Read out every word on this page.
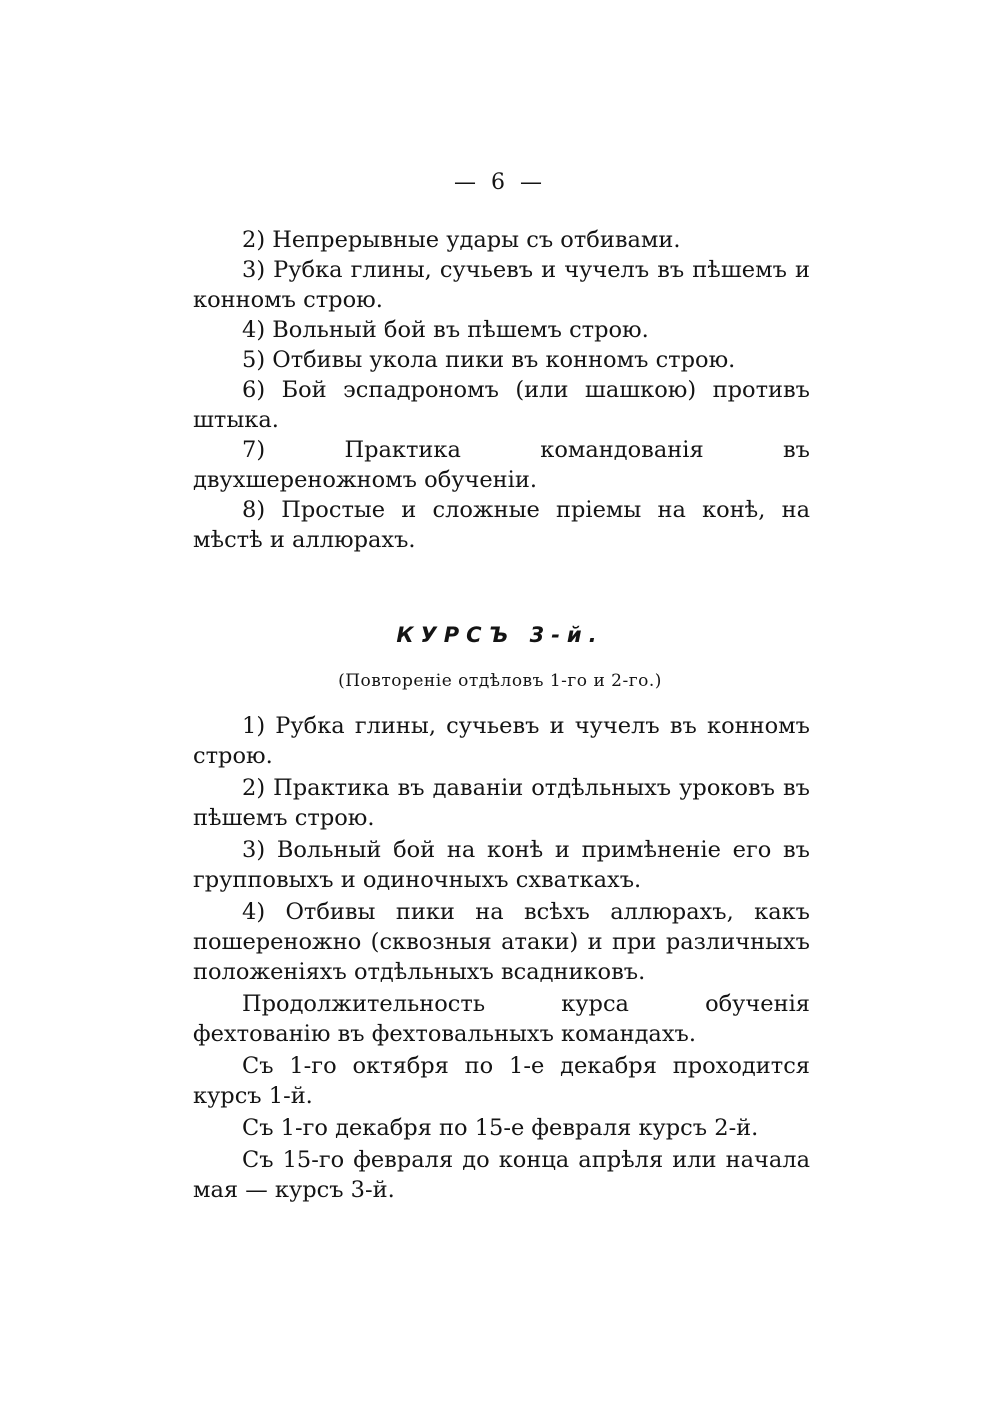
— 6 —

2) Непрерывные удары съ отбивами.

3) Рубка глины, сучьевъ и чучелъ въ пѣшемъ и конномъ строю.

4) Вольный бой въ пѣшемъ строю.

5) Отбивы укола пики въ конномъ строю.

6) Бой эспадрономъ (или шашкою) противъ штыка.

7) Практика командованія въ двухшереножномъ обученіи.

8) Простые и сложные пріемы на конѣ, на мѣстѣ и аллюрахъ.

КУРСЪ 3-й.
(Повтореніе отдѣловъ 1-го и 2-го.)

1) Рубка глины, сучьевъ и чучелъ въ конномъ строю.

2) Практика въ даваніи отдѣльныхъ уроковъ въ пѣшемъ строю.

3) Вольный бой на конѣ и примѣненіе его въ групповыхъ и одиночныхъ схваткахъ.

4) Отбивы пики на всѣхъ аллюрахъ, какъ пошереножно (сквозныя атаки) и при различныхъ положеніяхъ отдѣльныхъ всадниковъ.

Продолжительность курса обученія фехтованію въ фехтовальныхъ командахъ.

Съ 1-го октября по 1-е декабря проходится курсъ 1-й.

Съ 1-го декабря по 15-е февраля курсъ 2-й.

Съ 15-го февраля до конца апрѣля или начала мая — курсъ 3-й.
